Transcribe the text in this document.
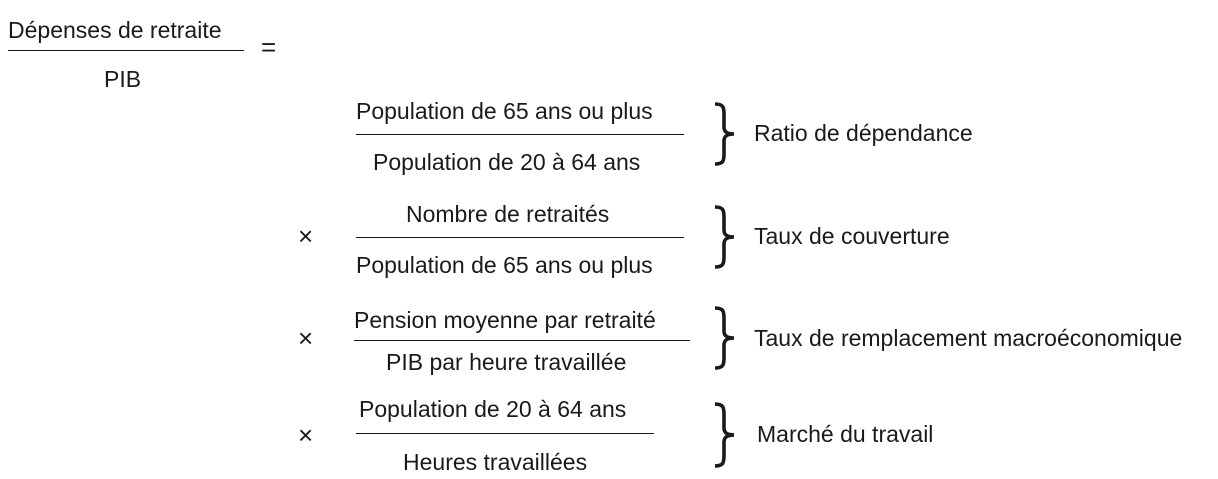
Dépenses de retraite
PIB
=
Population de 65 ans ou plus
Population de 20 à 64 ans
Ratio de dépendance
×
Nombre de retraités
Population de 65 ans ou plus
Taux de couverture
×
Pension moyenne par retraité
PIB par heure travaillée
Taux de remplacement macroéconomique
×
Population de 20 à 64 ans
Heures travaillées
Marché du travail
